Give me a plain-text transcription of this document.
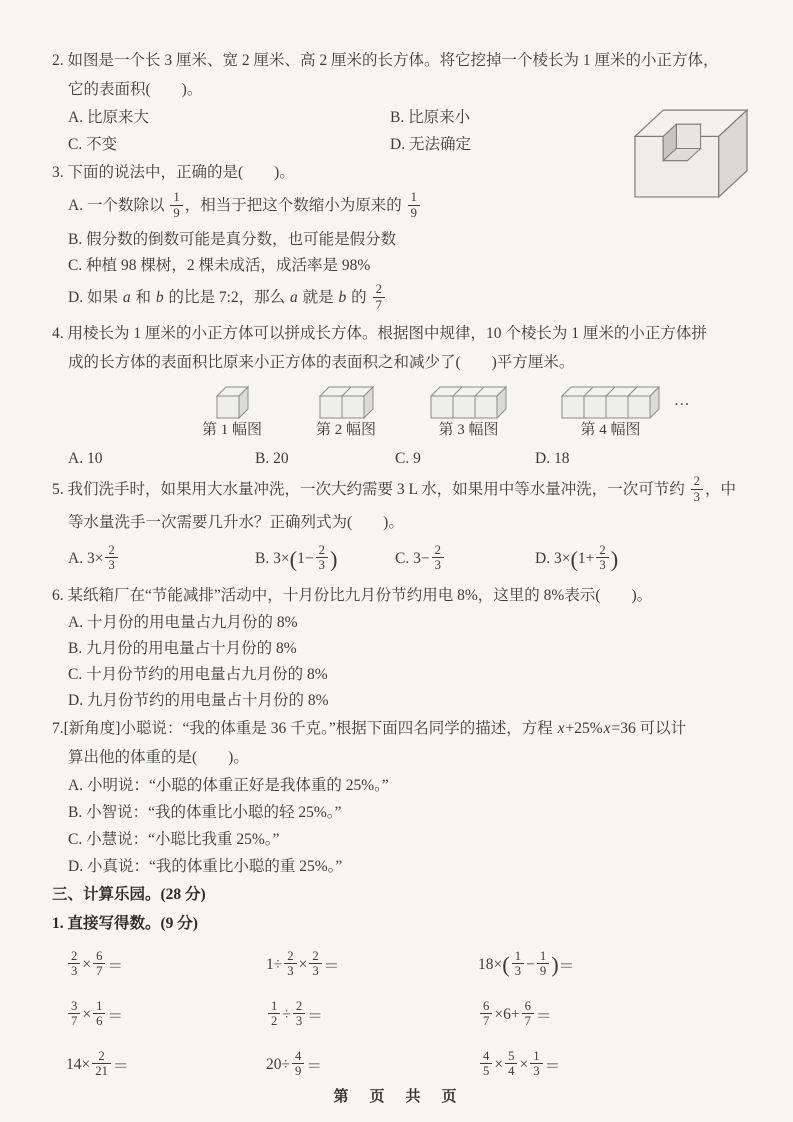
2. 如图是一个长 3 厘米、宽 2 厘米、高 2 厘米的长方体。将它挖掉一个棱长为 1 厘米的小正方体，
它的表面积(　　)。
A. 比原来大	B. 比原来小
C. 不变	D. 无法确定
3. 下面的说法中，正确的是(　　)。
A. 一个数除以 $\frac{1}{9}$ ，相当于把这个数缩小为原来的 $\frac{1}{9}$
B. 假分数的倒数可能是真分数，也可能是假分数
C. 种植 98 棵树，2 棵未成活，成活率是 98%
D. 如果 a 和 b 的比是 7:2，那么 a 就是 b 的 $\frac{2}{7}$
4. 用棱长为 1 厘米的小正方体可以拼成长方体。根据图中规律，10 个棱长为 1 厘米的小正方体拼
成的长方体的表面积比原来小正方体的表面积之和减少了(　　)平方厘米。
第 1 幅图	第 2 幅图	第 3 幅图	第 4 幅图
…
A. 10	B. 20	C. 9	D. 18
5. 我们洗手时，如果用大水量冲洗，一次大约需要 3 L 水，如果用中等水量冲洗，一次可节约 $\frac{2}{3}$ ，中
等水量洗手一次需要几升水？正确列式为(　　)。
A. $3\times \frac{2}{3}$	B. $3\times(1- \frac{2}{3}$ )	C. $3- \frac{2}{3}$	D. $3\times(1+ \frac{2}{3}$ )
6. 某纸箱厂在“节能减排”活动中，十月份比九月份节约用电 8%，这里的 8%表示(　　)。
A. 十月份的用电量占九月份的 8%
B. 九月份的用电量占十月份的 8%
C. 十月份节约的用电量占九月份的 8%
D. 九月份节约的用电量占十月份的 8%
7.[新角度]小聪说：“我的体重是 36 千克。”根据下面四名同学的描述，方程 x+25%x=36 可以计
算出他的体重的是(　　)。
A. 小明说：“小聪的体重正好是我体重的 25%。”
B. 小智说：“我的体重比小聪的轻 25%。”
C. 小慧说：“小聪比我重 25%。”
D. 小真说：“我的体重比小聪的重 25%。”
三、计算乐园。(28 分)
1. 直接写得数。(9 分)
$\frac{2}{3} \times \frac{6}{7}$ ＝	$1\div \frac{2}{3} \times \frac{2}{3}$ ＝	18× ( $\frac{1}{3} - \frac{1}{9}$ ) ＝
$\frac{3}{7} \times \frac{1}{6}$ ＝	$\frac{1}{2} \div \frac{2}{3}$ ＝	$\frac{6}{7} \times 6+ \frac{6}{7}$ ＝
$14\times \frac{2}{21}$ ＝	$20\div \frac{4}{9}$ ＝	$\frac{4}{5} \times \frac{5}{4} \times \frac{1}{3}$ ＝
第　页　共　页
